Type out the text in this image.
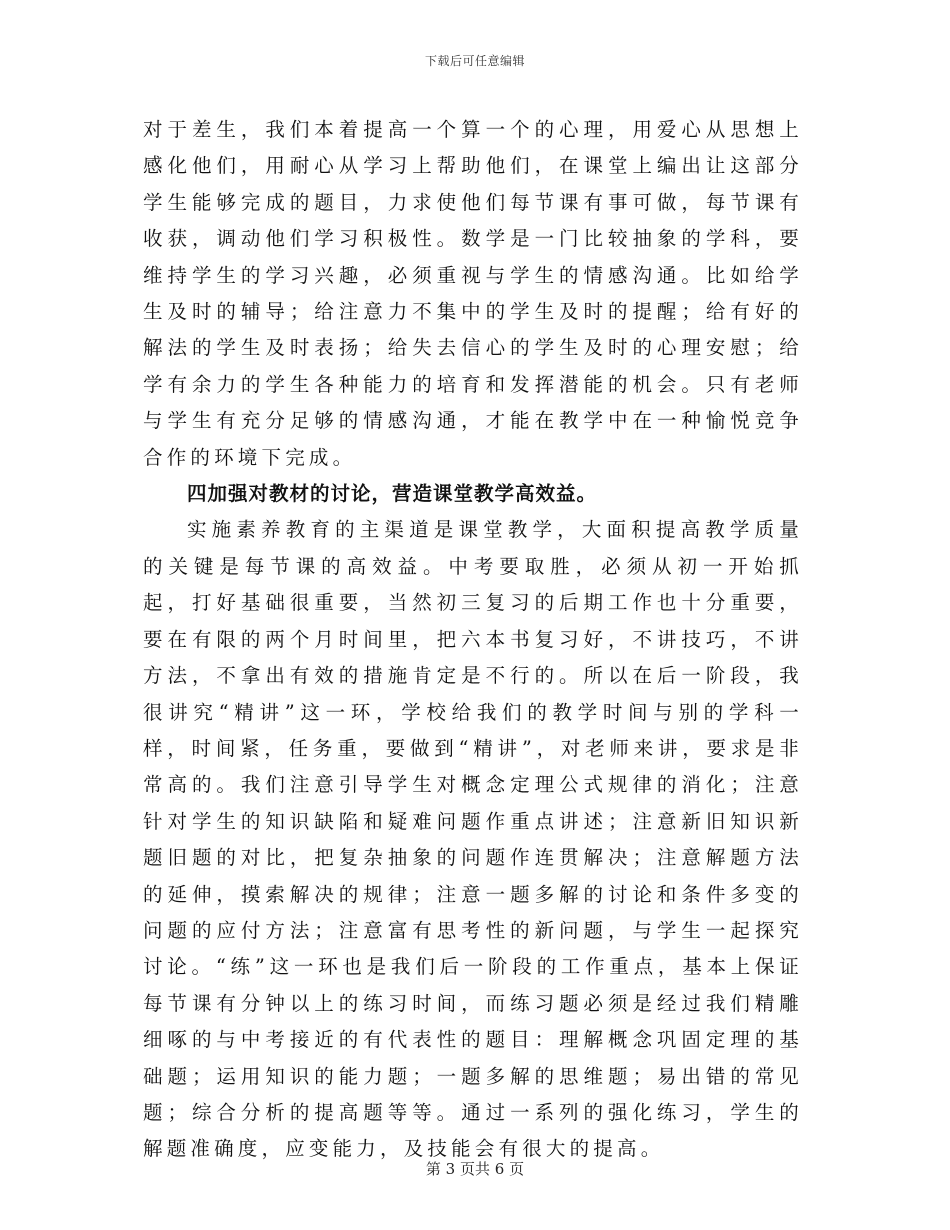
下载后可任意编辑

对于差生，我们本着提高一个算一个的心理，用爱心从思想上感化他们，用耐心从学习上帮助他们，在课堂上编出让这部分学生能够完成的题目，力求使他们每节课有事可做，每节课有收获，调动他们学习积极性。数学是一门比较抽象的学科，要维持学生的学习兴趣，必须重视与学生的情感沟通。比如给学生及时的辅导；给注意力不集中的学生及时的提醒；给有好的解法的学生及时表扬；给失去信心的学生及时的心理安慰；给学有余力的学生各种能力的培育和发挥潜能的机会。只有老师与学生有充分足够的情感沟通，才能在教学中在一种愉悦竞争合作的环境下完成。

四加强对教材的讨论，营造课堂教学高效益。

实施素养教育的主渠道是课堂教学，大面积提高教学质量的关键是每节课的高效益。中考要取胜，必须从初一开始抓起，打好基础很重要，当然初三复习的后期工作也十分重要，要在有限的两个月时间里，把六本书复习好，不讲技巧，不讲方法，不拿出有效的措施肯定是不行的。所以在后一阶段，我很讲究“精讲”这一环，学校给我们的教学时间与别的学科一样，时间紧，任务重，要做到“精讲”，对老师来讲，要求是非常高的。我们注意引导学生对概念定理公式规律的消化；注意针对学生的知识缺陷和疑难问题作重点讲述；注意新旧知识新题旧题的对比，把复杂抽象的问题作连贯解决；注意解题方法的延伸，摸索解决的规律；注意一题多解的讨论和条件多变的问题的应付方法；注意富有思考性的新问题，与学生一起探究讨论。“练”这一环也是我们后一阶段的工作重点，基本上保证每节课有分钟以上的练习时间，而练习题必须是经过我们精雕细啄的与中考接近的有代表性的题目：理解概念巩固定理的基础题；运用知识的能力题；一题多解的思维题；易出错的常见题；综合分析的提高题等等。通过一系列的强化练习，学生的解题准确度，应变能力，及技能会有很大的提高。

第 3 页共 6 页
